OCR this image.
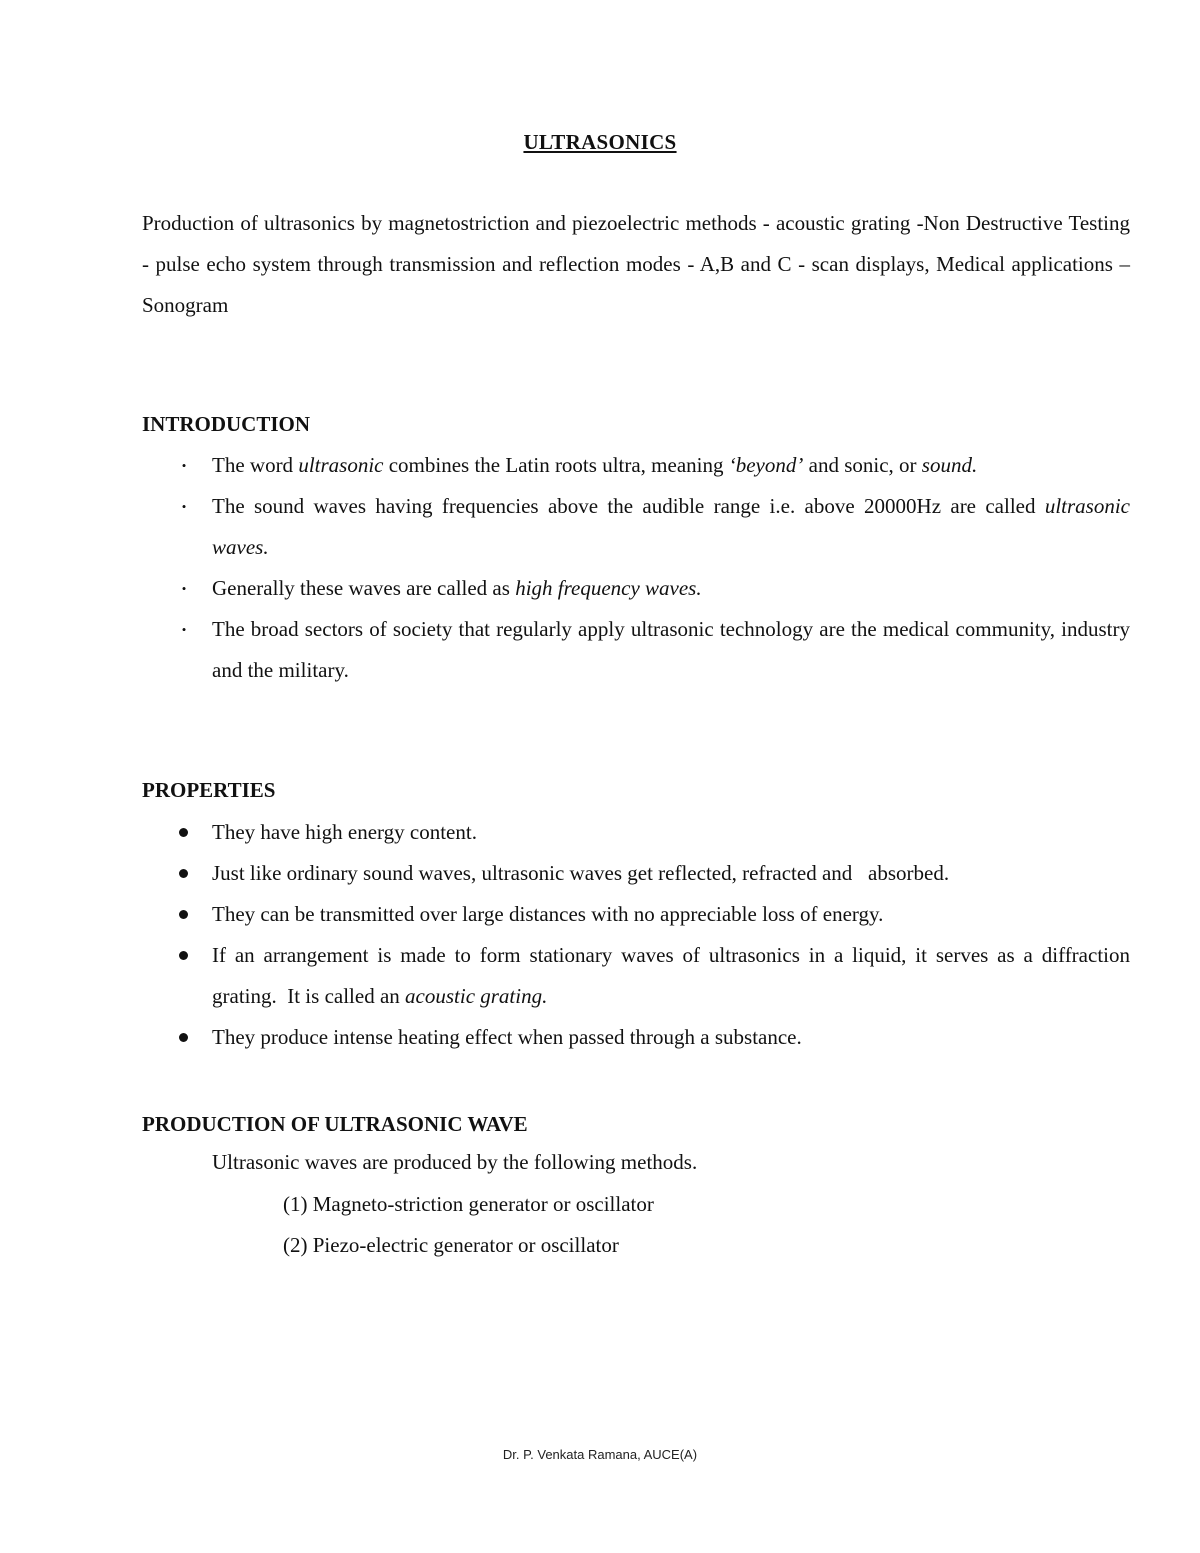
ULTRASONICS

Production of ultrasonics by magnetostriction and piezoelectric methods - acoustic grating -Non Destructive Testing - pulse echo system through transmission and reflection modes - A,B and C - scan displays, Medical applications – Sonogram

INTRODUCTION
•	The word ultrasonic combines the Latin roots ultra, meaning ‘beyond’ and sonic, or sound.
•	The sound waves having frequencies above the audible range i.e. above 20000Hz are called ultrasonic waves.
•	Generally these waves are called as high frequency waves.
•	The broad sectors of society that regularly apply ultrasonic technology are the medical community, industry and the military.
PROPERTIES
They have high energy content.
Just like ordinary sound waves, ultrasonic waves get reflected, refracted and   absorbed.
They can be transmitted over large distances with no appreciable loss of energy.
If an arrangement is made to form stationary waves of ultrasonics in a liquid, it serves as a diffraction grating.  It is called an acoustic grating.
They produce intense heating effect when passed through a substance.
PRODUCTION OF ULTRASONIC WAVE

Ultrasonic waves are produced by the following methods.

(1) Magneto-striction generator or oscillator

(2) Piezo-electric generator or oscillator

Dr. P. Venkata Ramana, AUCE(A)
